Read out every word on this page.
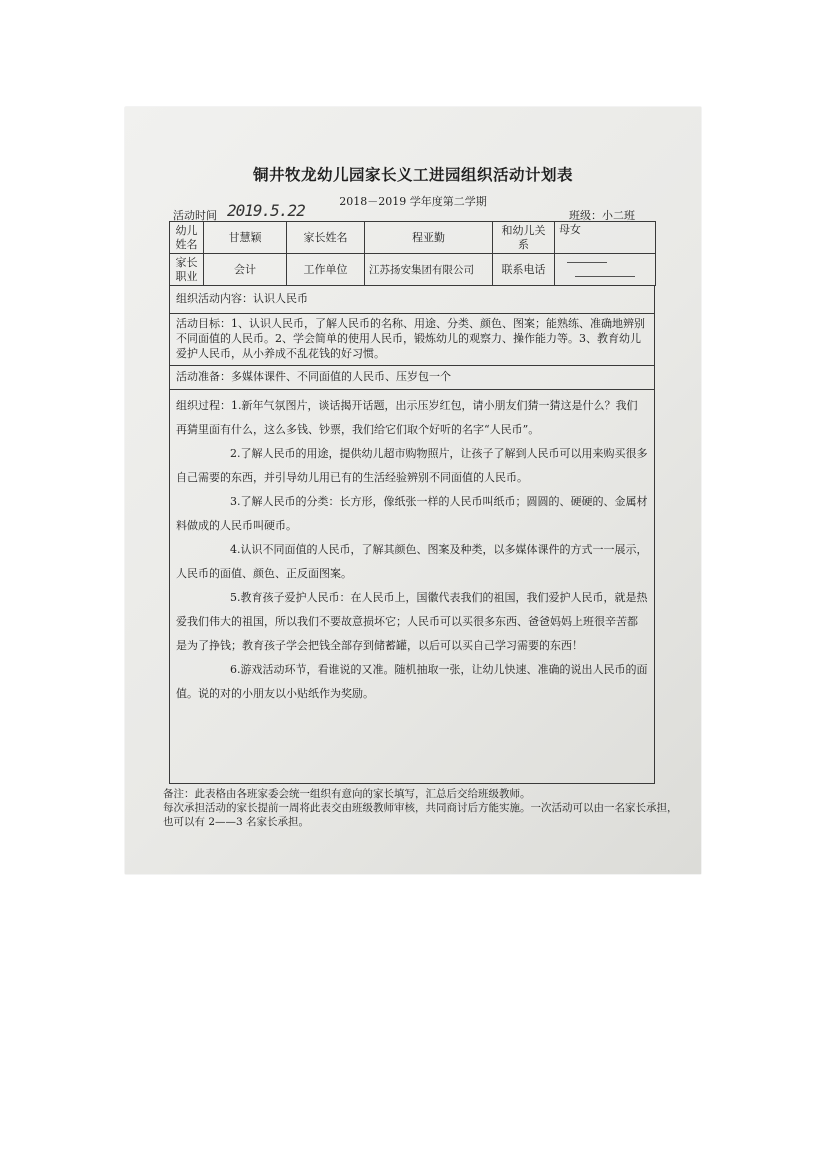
铜井牧龙幼儿园家长义工进园组织活动计划表
2018－2019 学年度第二学期
活动时间 2019.5.22	班级：小二班
幼儿姓名	甘慧颖	家长姓名	程亚勤	和幼儿关系	母女
家长职业	会计	工作单位	江苏扬安集团有限公司	联系电话	

组织活动内容：认识人民币
活动目标：1、认识人民币，了解人民币的名称、用途、分类、颜色、图案；能熟练、准确地辨别不同面值的人民币。2、学会简单的使用人民币，锻炼幼儿的观察力、操作能力等。3、教育幼儿爱护人民币，从小养成不乱花钱的好习惯。
活动准备：多媒体课件、不同面值的人民币、压岁包一个

组织过程：1.新年气氛图片，谈话揭开话题，出示压岁红包，请小朋友们猜一猜这是什么？我们再猜里面有什么，这么多钱、钞票，我们给它们取个好听的名字“人民币”。

2.了解人民币的用途，提供幼儿超市购物照片，让孩子了解到人民币可以用来购买很多自己需要的东西，并引导幼儿用已有的生活经验辨别不同面值的人民币。

3.了解人民币的分类：长方形，像纸张一样的人民币叫纸币；圆圆的、硬硬的、金属材料做成的人民币叫硬币。

4.认识不同面值的人民币，了解其颜色、图案及种类，以多媒体课件的方式一一展示，人民币的面值、颜色、正反面图案。

5.教育孩子爱护人民币：在人民币上，国徽代表我们的祖国，我们爱护人民币，就是热爱我们伟大的祖国，所以我们不要故意损坏它；人民币可以买很多东西、爸爸妈妈上班很辛苦都是为了挣钱；教育孩子学会把钱全部存到储蓄罐，以后可以买自己学习需要的东西！

6.游戏活动环节，看谁说的又准。随机抽取一张，让幼儿快速、准确的说出人民币的面值。说的对的小朋友以小贴纸作为奖励。

备注：此表格由各班家委会统一组织有意向的家长填写，汇总后交给班级教师。
每次承担活动的家长提前一周将此表交由班级教师审核，共同商讨后方能实施。一次活动可以由一名家长承担，也可以有 2——3 名家长承担。
